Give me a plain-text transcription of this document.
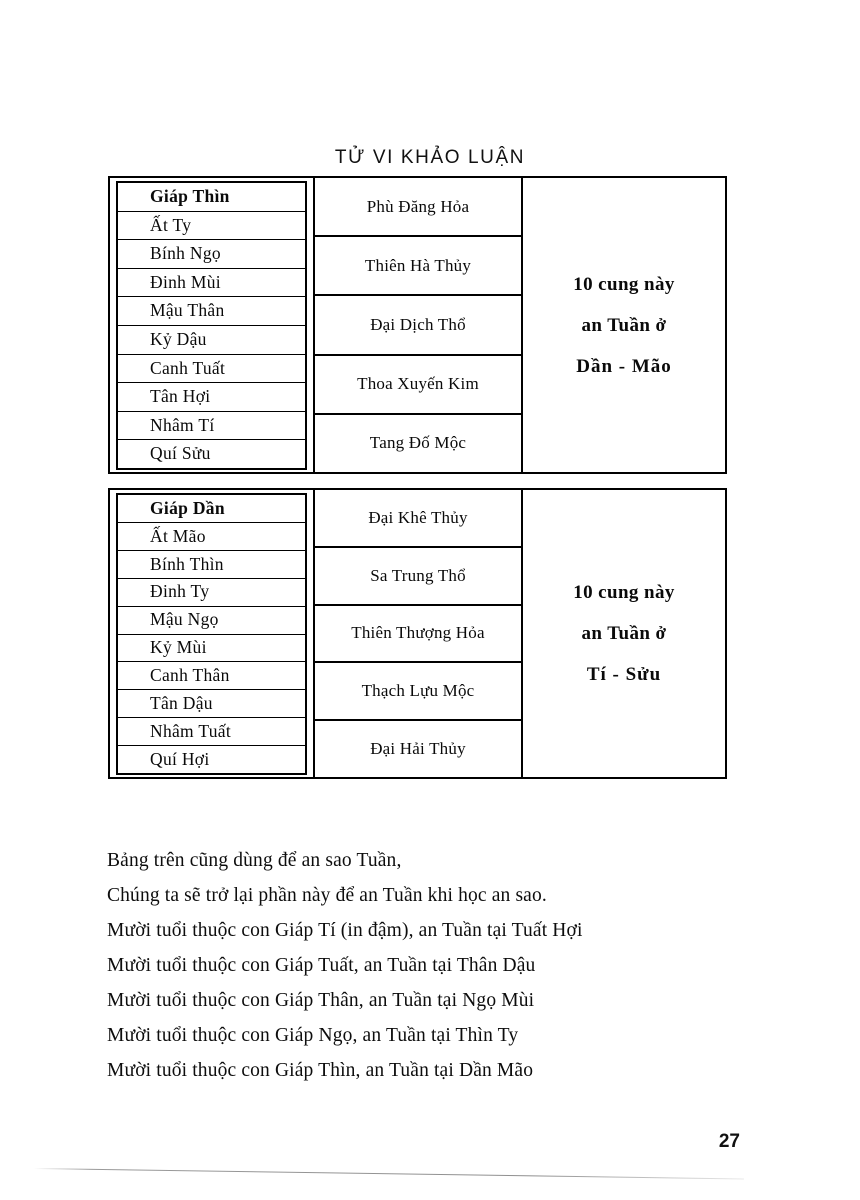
TỬ VI KHẢO LUẬN
Giáp Thìn
Ất Ty
Bính Ngọ
Đinh Mùi
Mậu Thân
Kỷ Dậu
Canh Tuất
Tân Hợi
Nhâm Tí
Quí Sửu
Phù Đăng Hỏa
Thiên Hà Thủy
Đại Dịch Thổ
Thoa Xuyến Kim
Tang Đố Mộc
10 cung này
an Tuần ở
Dần - Mão
Giáp Dần
Ất Mão
Bính Thìn
Đinh Ty
Mậu Ngọ
Kỷ Mùi
Canh Thân
Tân Dậu
Nhâm Tuất
Quí Hợi
Đại Khê Thủy
Sa Trung Thổ
Thiên Thượng Hỏa
Thạch Lựu Mộc
Đại Hải Thủy
10 cung này
an Tuần ở
Tí - Sửu
Bảng trên cũng dùng để an sao Tuần,
Chúng ta sẽ trở lại phần này để an Tuần khi học an sao.
Mười tuổi thuộc con Giáp Tí (in đậm), an Tuần tại Tuất Hợi
Mười tuổi thuộc con Giáp Tuất, an Tuần tại Thân Dậu
Mười tuổi thuộc con Giáp Thân, an Tuần tại Ngọ Mùi
Mười tuổi thuộc con Giáp Ngọ, an Tuần tại Thìn Ty
Mười tuổi thuộc con Giáp Thìn, an Tuần tại Dần Mão
27
